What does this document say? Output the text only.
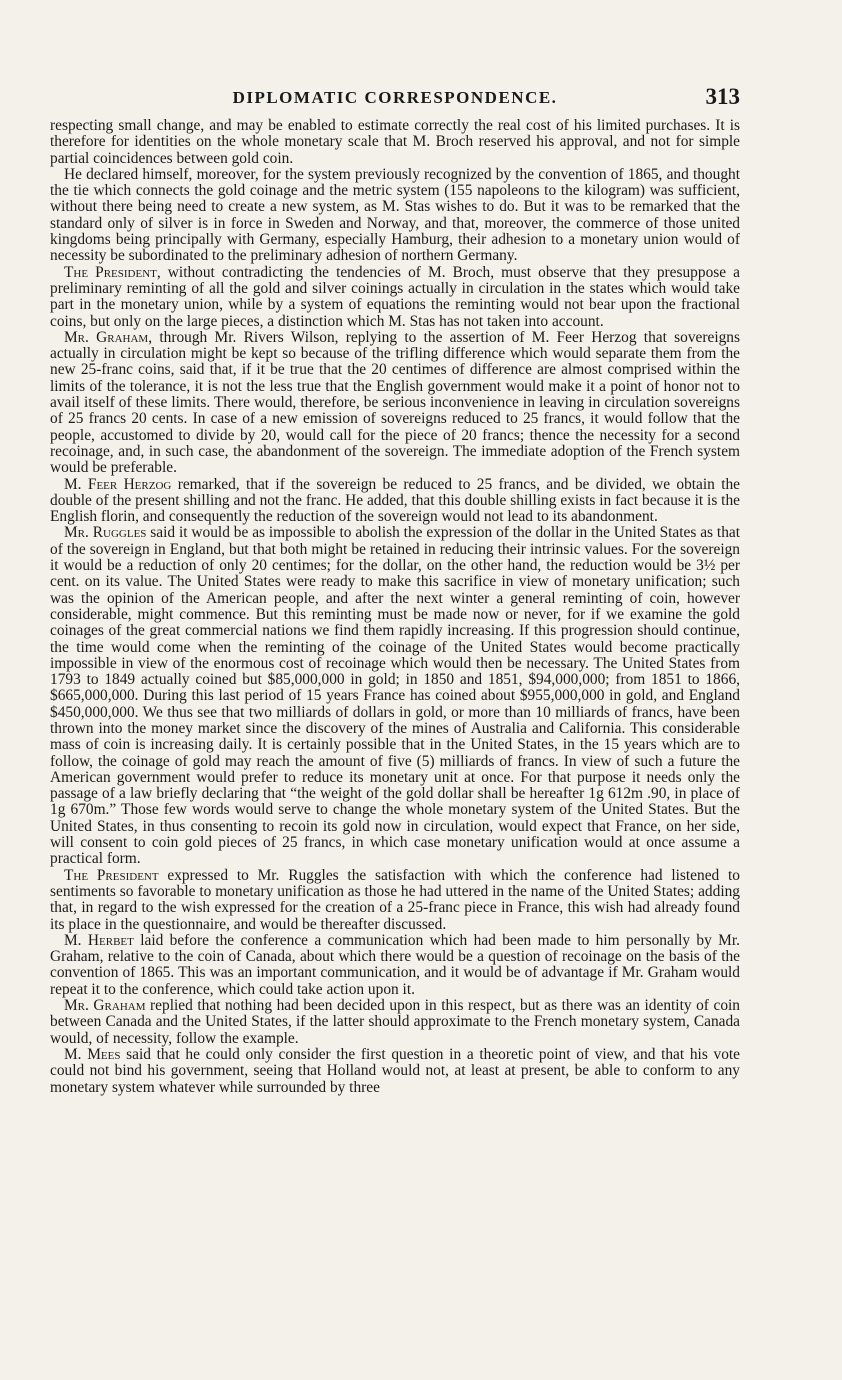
DIPLOMATIC CORRESPONDENCE.	313

respecting small change, and may be enabled to estimate correctly the real cost of his limited purchases. It is therefore for identities on the whole monetary scale that M. Broch reserved his approval, and not for simple partial coincidences between gold coin.

He declared himself, moreover, for the system previously recognized by the convention of 1865, and thought the tie which connects the gold coinage and the metric system (155 napoleons to the kilogram) was sufficient, without there being need to create a new system, as M. Stas wishes to do. But it was to be remarked that the standard only of silver is in force in Sweden and Norway, and that, moreover, the commerce of those united kingdoms being principally with Germany, especially Hamburg, their adhesion to a monetary union would of necessity be subordinated to the preliminary adhesion of northern Germany.

The President, without contradicting the tendencies of M. Broch, must observe that they presuppose a preliminary reminting of all the gold and silver coinings actually in circulation in the states which would take part in the monetary union, while by a system of equations the reminting would not bear upon the fractional coins, but only on the large pieces, a distinction which M. Stas has not taken into account.

Mr. Graham, through Mr. Rivers Wilson, replying to the assertion of M. Feer Herzog that sovereigns actually in circulation might be kept so because of the trifling difference which would separate them from the new 25-franc coins, said that, if it be true that the 20 centimes of difference are almost comprised within the limits of the tolerance, it is not the less true that the English government would make it a point of honor not to avail itself of these limits. There would, therefore, be serious inconvenience in leaving in circulation sovereigns of 25 francs 20 cents. In case of a new emission of sovereigns reduced to 25 francs, it would follow that the people, accustomed to divide by 20, would call for the piece of 20 francs; thence the necessity for a second recoinage, and, in such case, the abandonment of the sovereign. The immediate adoption of the French system would be preferable.

M. Feer Herzog remarked, that if the sovereign be reduced to 25 francs, and be divided, we obtain the double of the present shilling and not the franc. He added, that this double shilling exists in fact because it is the English florin, and consequently the reduction of the sovereign would not lead to its abandonment.

Mr. Ruggles said it would be as impossible to abolish the expression of the dollar in the United States as that of the sovereign in England, but that both might be retained in reducing their intrinsic values. For the sovereign it would be a reduction of only 20 centimes; for the dollar, on the other hand, the reduction would be 3½ per cent. on its value. The United States were ready to make this sacrifice in view of monetary unification; such was the opinion of the American people, and after the next winter a general reminting of coin, however considerable, might commence. But this reminting must be made now or never, for if we examine the gold coinages of the great commercial nations we find them rapidly increasing. If this progression should continue, the time would come when the reminting of the coinage of the United States would become practically impossible in view of the enormous cost of recoinage which would then be necessary. The United States from 1793 to 1849 actually coined but $85,000,000 in gold; in 1850 and 1851, $94,000,000; from 1851 to 1866, $665,000,000. During this last period of 15 years France has coined about $955,000,000 in gold, and England $450,000,000. We thus see that two milliards of dollars in gold, or more than 10 milliards of francs, have been thrown into the money market since the discovery of the mines of Australia and California. This considerable mass of coin is increasing daily. It is certainly possible that in the United States, in the 15 years which are to follow, the coinage of gold may reach the amount of five (5) milliards of francs. In view of such a future the American government would prefer to reduce its monetary unit at once. For that purpose it needs only the passage of a law briefly declaring that “the weight of the gold dollar shall be hereafter 1g 612m .90, in place of 1g 670m.” Those few words would serve to change the whole monetary system of the United States. But the United States, in thus consenting to recoin its gold now in circulation, would expect that France, on her side, will consent to coin gold pieces of 25 francs, in which case monetary unification would at once assume a practical form.

The President expressed to Mr. Ruggles the satisfaction with which the conference had listened to sentiments so favorable to monetary unification as those he had uttered in the name of the United States; adding that, in regard to the wish expressed for the creation of a 25-franc piece in France, this wish had already found its place in the questionnaire, and would be thereafter discussed.

M. Herbet laid before the conference a communication which had been made to him personally by Mr. Graham, relative to the coin of Canada, about which there would be a question of recoinage on the basis of the convention of 1865. This was an important communication, and it would be of advantage if Mr. Graham would repeat it to the conference, which could take action upon it.

Mr. Graham replied that nothing had been decided upon in this respect, but as there was an identity of coin between Canada and the United States, if the latter should approximate to the French monetary system, Canada would, of necessity, follow the example.

M. Mees said that he could only consider the first question in a theoretic point of view, and that his vote could not bind his government, seeing that Holland would not, at least at present, be able to conform to any monetary system whatever while surrounded by three
